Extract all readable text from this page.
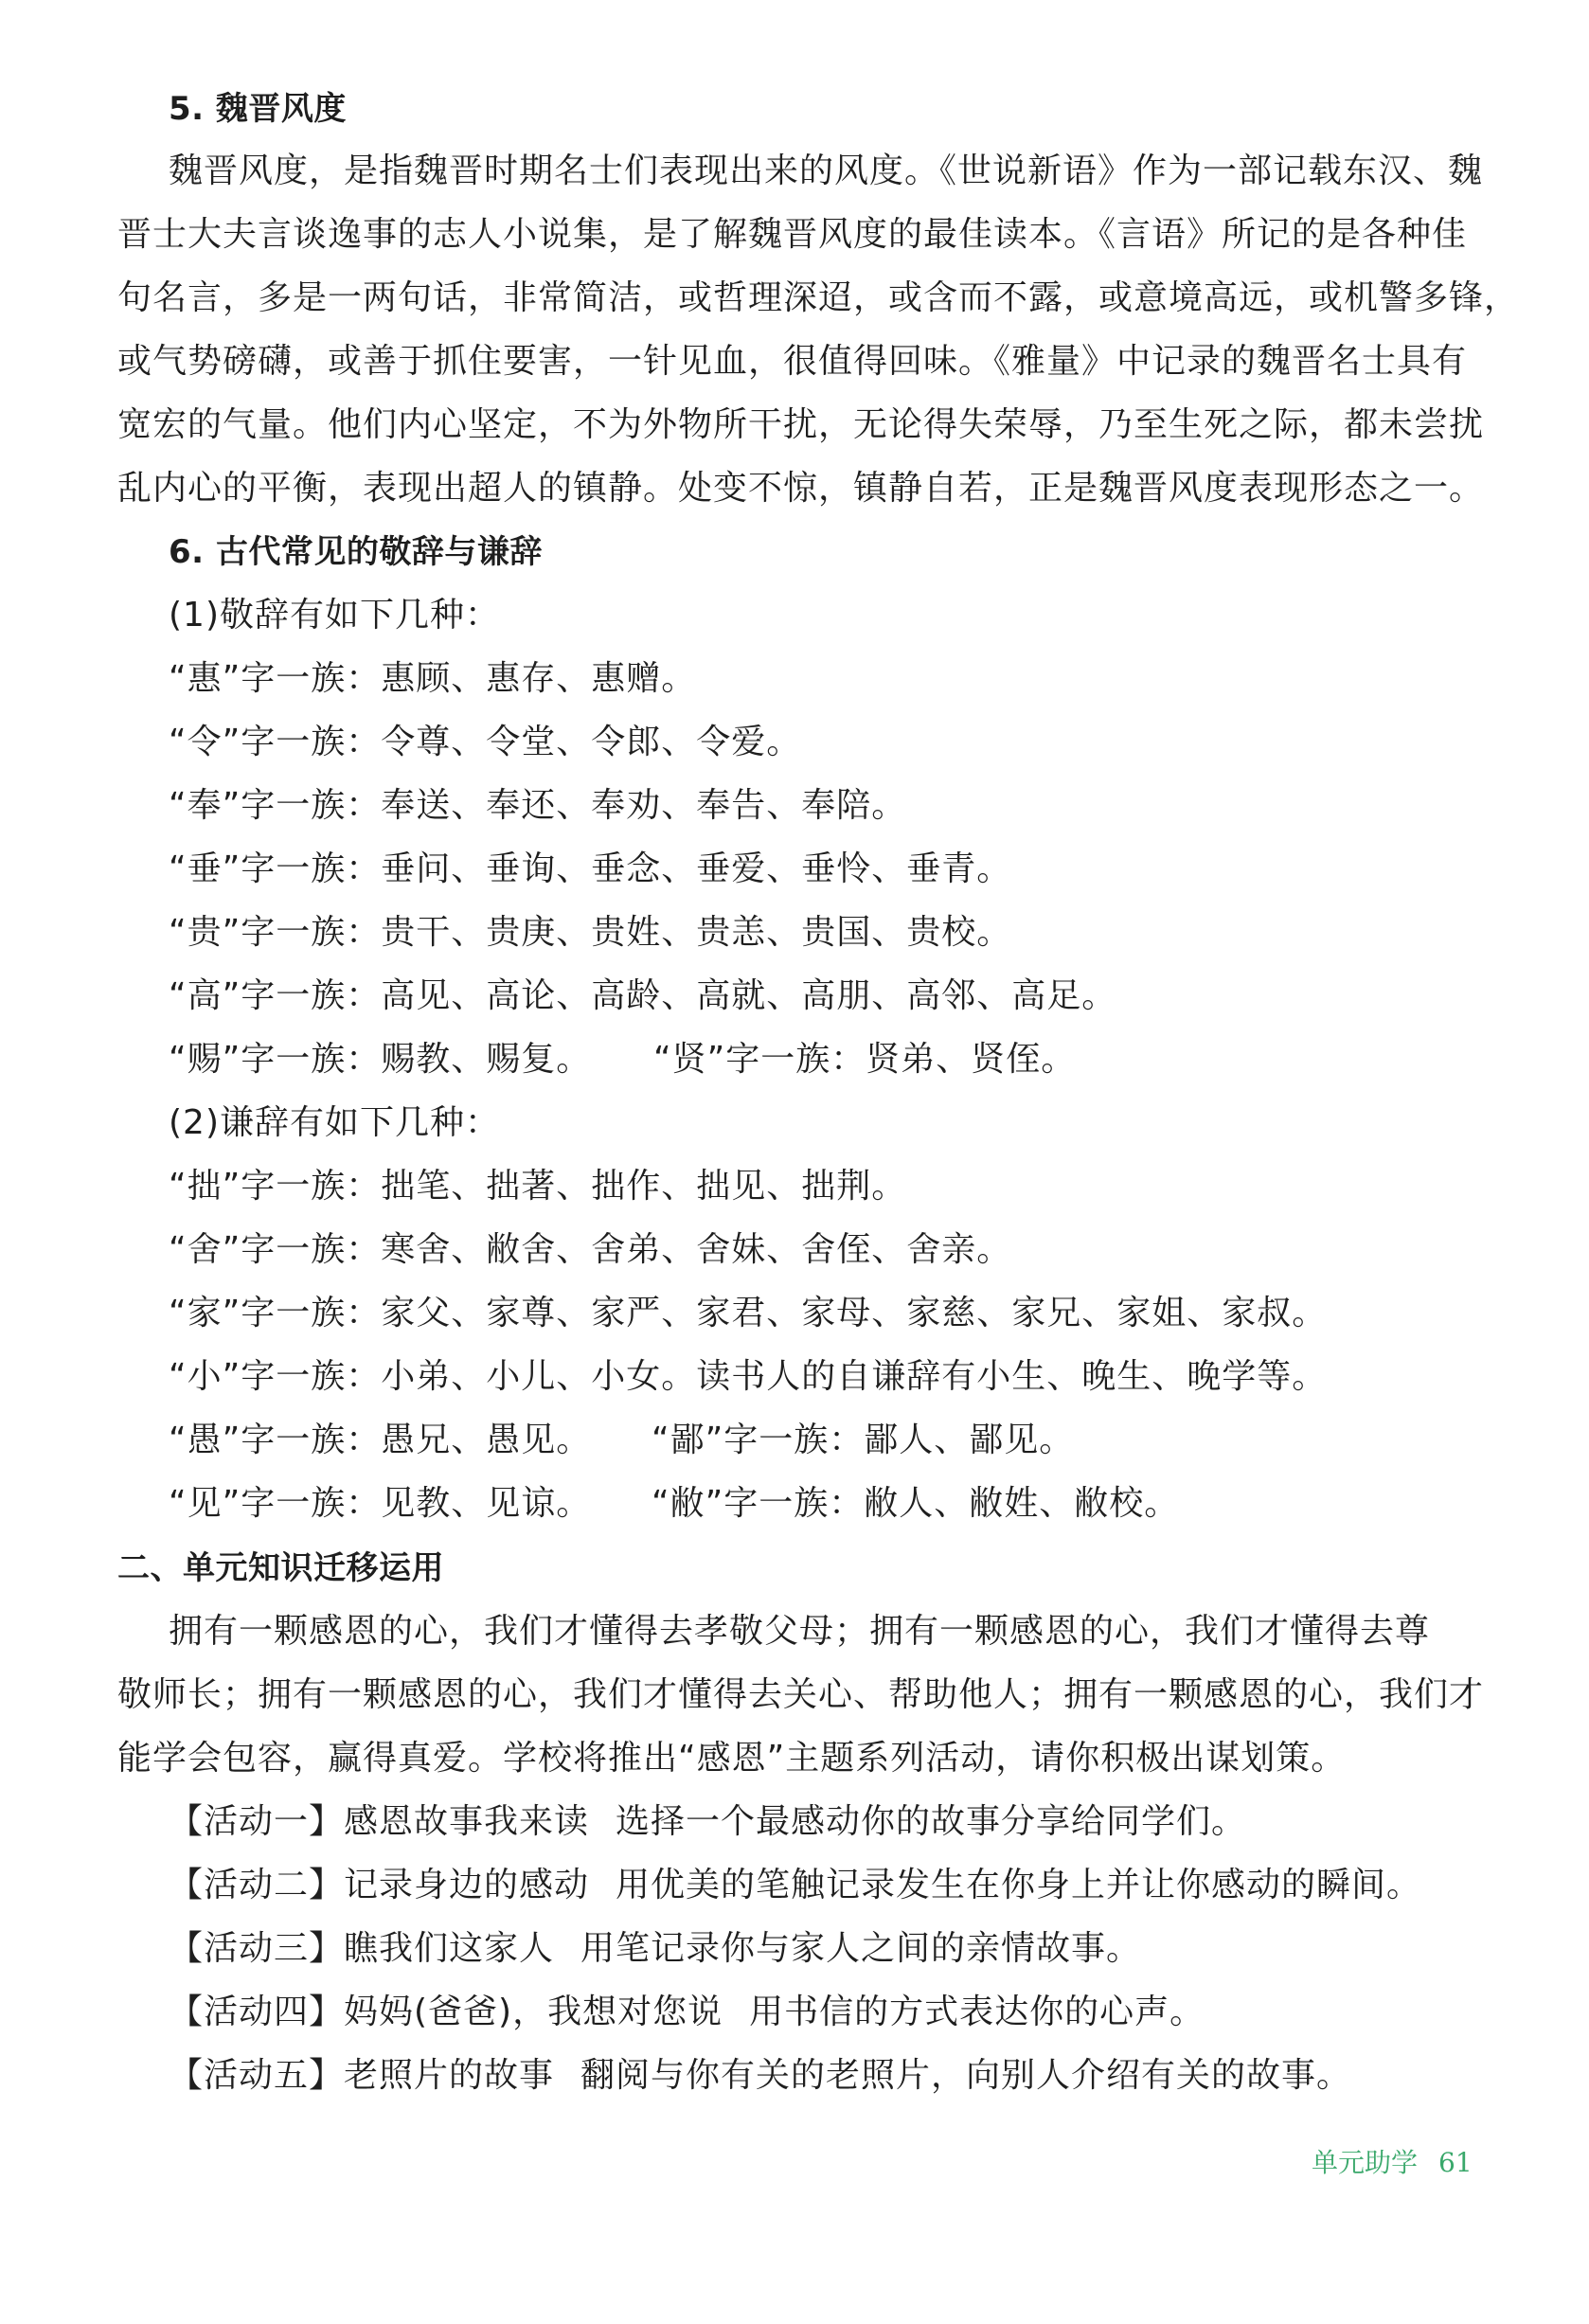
5. 魏晋风度
魏晋风度，是指魏晋时期名士们表现出来的风度。《世说新语》作为一部记载东汉、魏
晋士大夫言谈逸事的志人小说集，是了解魏晋风度的最佳读本。《言语》所记的是各种佳
句名言，多是一两句话，非常简洁，或哲理深迢，或含而不露，或意境高远，或机警多锋，
或气势磅礴，或善于抓住要害，一针见血，很值得回味。《雅量》中记录的魏晋名士具有
宽宏的气量。他们内心坚定，不为外物所干扰，无论得失荣辱，乃至生死之际，都未尝扰
乱内心的平衡，表现出超人的镇静。处变不惊，镇静自若，正是魏晋风度表现形态之一。
6. 古代常见的敬辞与谦辞
(1)敬辞有如下几种：
“惠”字一族：惠顾、惠存、惠赠。
“令”字一族：令尊、令堂、令郎、令爱。
“奉”字一族：奉送、奉还、奉劝、奉告、奉陪。
“垂”字一族：垂问、垂询、垂念、垂爱、垂怜、垂青。
“贵”字一族：贵干、贵庚、贵姓、贵恙、贵国、贵校。
“高”字一族：高见、高论、高龄、高就、高朋、高邻、高足。
“赐”字一族：赐教、赐复。 “贤”字一族：贤弟、贤侄。
(2)谦辞有如下几种：
“拙”字一族：拙笔、拙著、拙作、拙见、拙荆。
“舍”字一族：寒舍、敝舍、舍弟、舍妹、舍侄、舍亲。
“家”字一族：家父、家尊、家严、家君、家母、家慈、家兄、家姐、家叔。
“小”字一族：小弟、小儿、小女。读书人的自谦辞有小生、晚生、晚学等。
“愚”字一族：愚兄、愚见。 “鄙”字一族：鄙人、鄙见。
“见”字一族：见教、见谅。 “敝”字一族：敝人、敝姓、敝校。
二、单元知识迁移运用
拥有一颗感恩的心，我们才懂得去孝敬父母；拥有一颗感恩的心，我们才懂得去尊
敬师长；拥有一颗感恩的心，我们才懂得去关心、帮助他人；拥有一颗感恩的心，我们才
能学会包容，赢得真爱。学校将推出“感恩”主题系列活动，请你积极出谋划策。
【活动一】感恩故事我来读 选择一个最感动你的故事分享给同学们。
【活动二】记录身边的感动 用优美的笔触记录发生在你身上并让你感动的瞬间。
【活动三】瞧我们这家人 用笔记录你与家人之间的亲情故事。
【活动四】妈妈(爸爸)，我想对您说 用书信的方式表达你的心声。
【活动五】老照片的故事 翻阅与你有关的老照片，向别人介绍有关的故事。
单元助学 61
